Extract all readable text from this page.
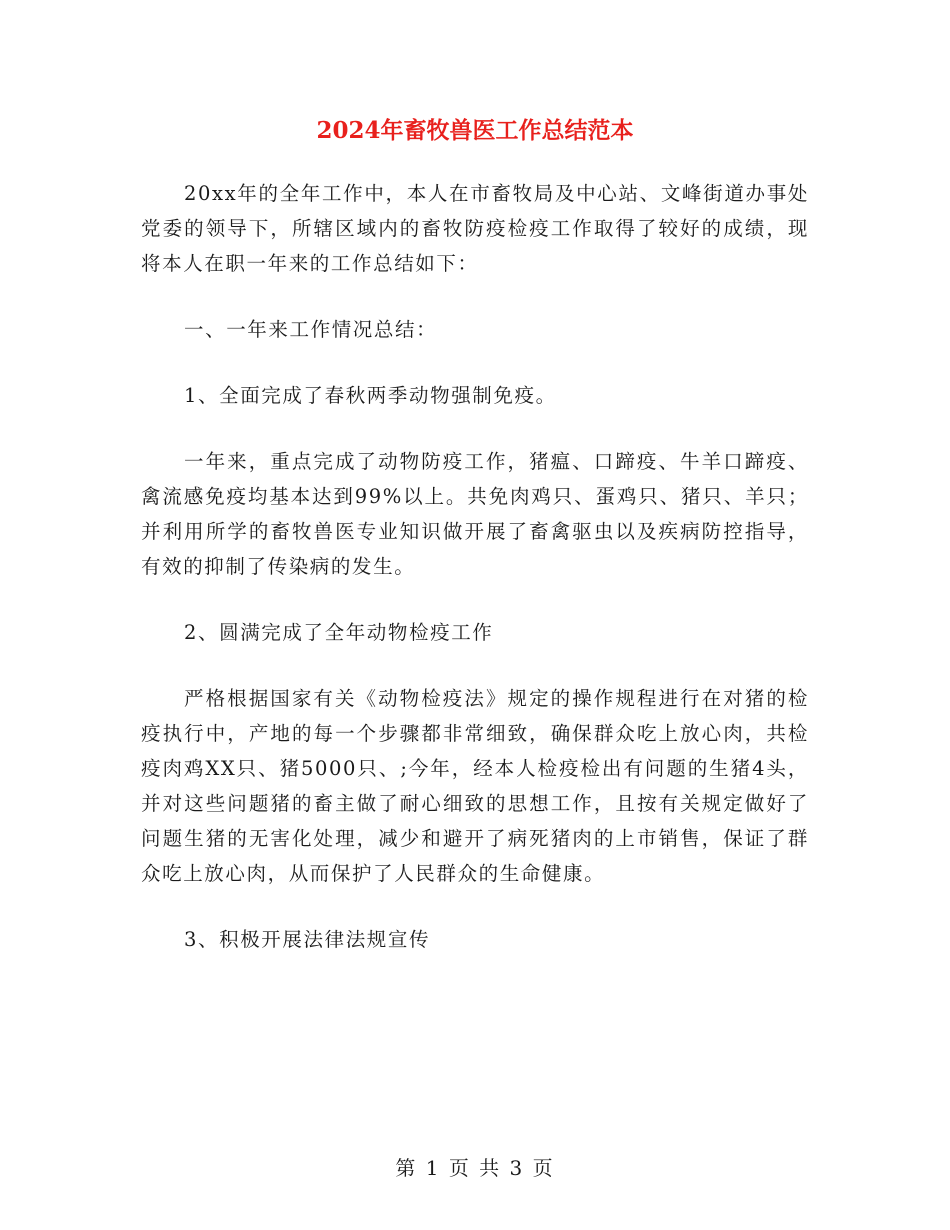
2024年畜牧兽医工作总结范本

20xx年的全年工作中，本人在市畜牧局及中心站、文峰街道办事处党委的领导下，所辖区域内的畜牧防疫检疫工作取得了较好的成绩，现将本人在职一年来的工作总结如下：

一、一年来工作情况总结：

1、全面完成了春秋两季动物强制免疫。

一年来，重点完成了动物防疫工作，猪瘟、口蹄疫、牛羊口蹄疫、禽流感免疫均基本达到99%以上。共免肉鸡只、蛋鸡只、猪只、羊只；并利用所学的畜牧兽医专业知识做开展了畜禽驱虫以及疾病防控指导，有效的抑制了传染病的发生。

2、圆满完成了全年动物检疫工作

严格根据国家有关《动物检疫法》规定的操作规程进行在对猪的检疫执行中，产地的每一个步骤都非常细致，确保群众吃上放心肉，共检疫肉鸡XX只、猪5000只、;今年，经本人检疫检出有问题的生猪4头，并对这些问题猪的畜主做了耐心细致的思想工作，且按有关规定做好了问题生猪的无害化处理，减少和避开了病死猪肉的上市销售，保证了群众吃上放心肉，从而保护了人民群众的生命健康。

3、积极开展法律法规宣传

第 1 页 共 3 页
